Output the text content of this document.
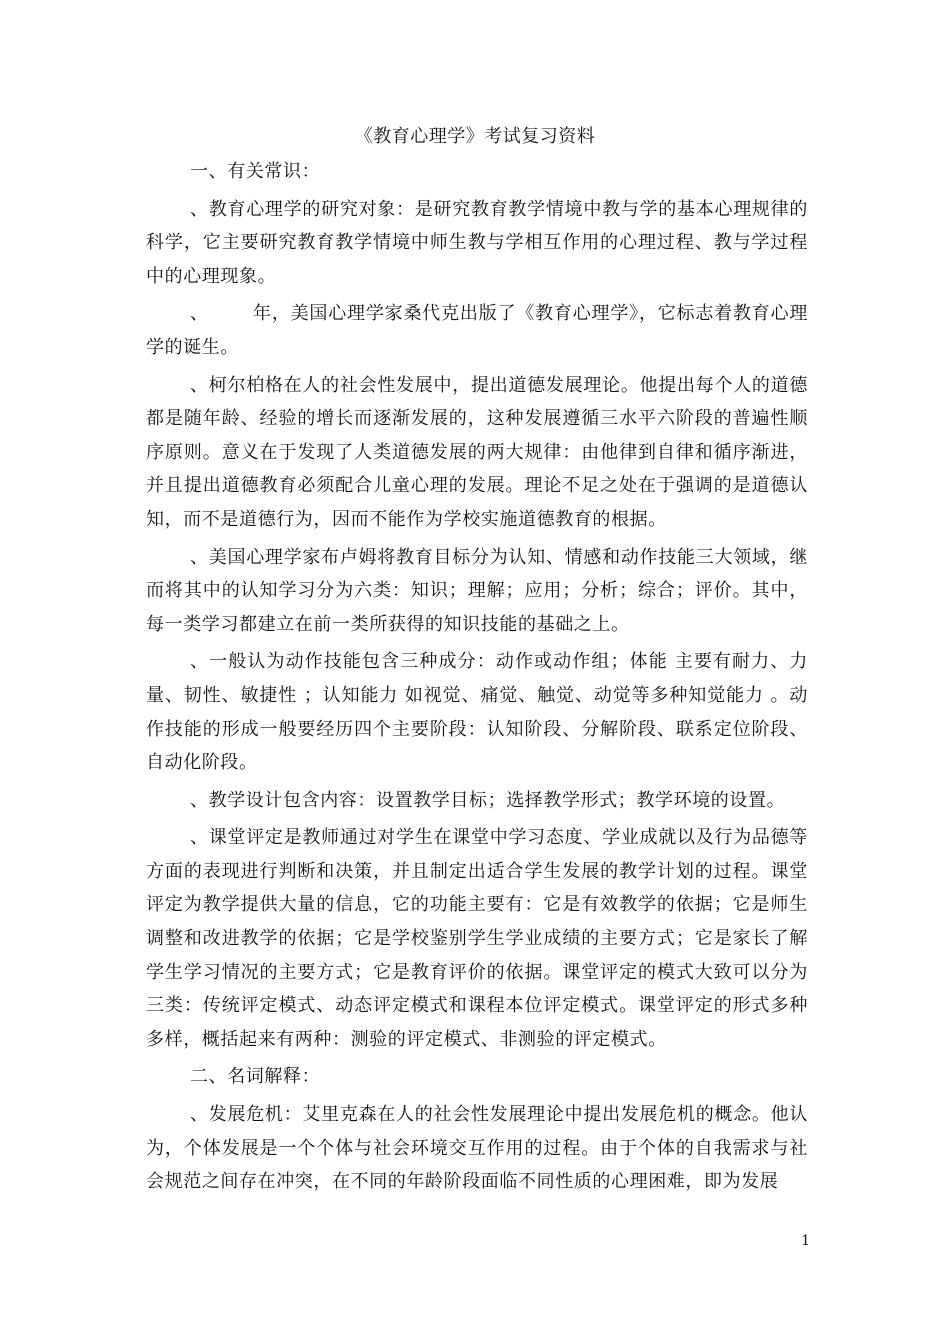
《教育心理学》考试复习资料

一、有关常识：

、教育心理学的研究对象：是研究教育教学情境中教与学的基本心理规律的科学，它主要研究教育教学情境中师生教与学相互作用的心理过程、教与学过程中的心理现象。

、 年，美国心理学家桑代克出版了《教育心理学》，它标志着教育心理学的诞生。

、柯尔柏格在人的社会性发展中，提出道德发展理论。他提出每个人的道德都是随年龄、经验的增长而逐渐发展的，这种发展遵循三水平六阶段的普遍性顺序原则。意义在于发现了人类道德发展的两大规律：由他律到自律和循序渐进，并且提出道德教育必须配合儿童心理的发展。理论不足之处在于强调的是道德认知，而不是道德行为，因而不能作为学校实施道德教育的根据。

、美国心理学家布卢姆将教育目标分为认知、情感和动作技能三大领域，继而将其中的认知学习分为六类：知识；理解；应用；分析；综合；评价。其中，每一类学习都建立在前一类所获得的知识技能的基础之上。

、一般认为动作技能包含三种成分：动作或动作组；体能 主要有耐力、力量、韧性、敏捷性 ；认知能力 如视觉、痛觉、触觉、动觉等多种知觉能力 。动作技能的形成一般要经历四个主要阶段：认知阶段、分解阶段、联系定位阶段、自动化阶段。

、教学设计包含内容：设置教学目标；选择教学形式；教学环境的设置。

、课堂评定是教师通过对学生在课堂中学习态度、学业成就以及行为品德等方面的表现进行判断和决策，并且制定出适合学生发展的教学计划的过程。课堂评定为教学提供大量的信息，它的功能主要有：它是有效教学的依据；它是师生调整和改进教学的依据；它是学校鉴别学生学业成绩的主要方式；它是家长了解学生学习情况的主要方式；它是教育评价的依据。课堂评定的模式大致可以分为三类：传统评定模式、动态评定模式和课程本位评定模式。课堂评定的形式多种多样，概括起来有两种：测验的评定模式、非测验的评定模式。

二、名词解释：

、发展危机：艾里克森在人的社会性发展理论中提出发展危机的概念。他认为，个体发展是一个个体与社会环境交互作用的过程。由于个体的自我需求与社会规范之间存在冲突，在不同的年龄阶段面临不同性质的心理困难，即为发展

1
